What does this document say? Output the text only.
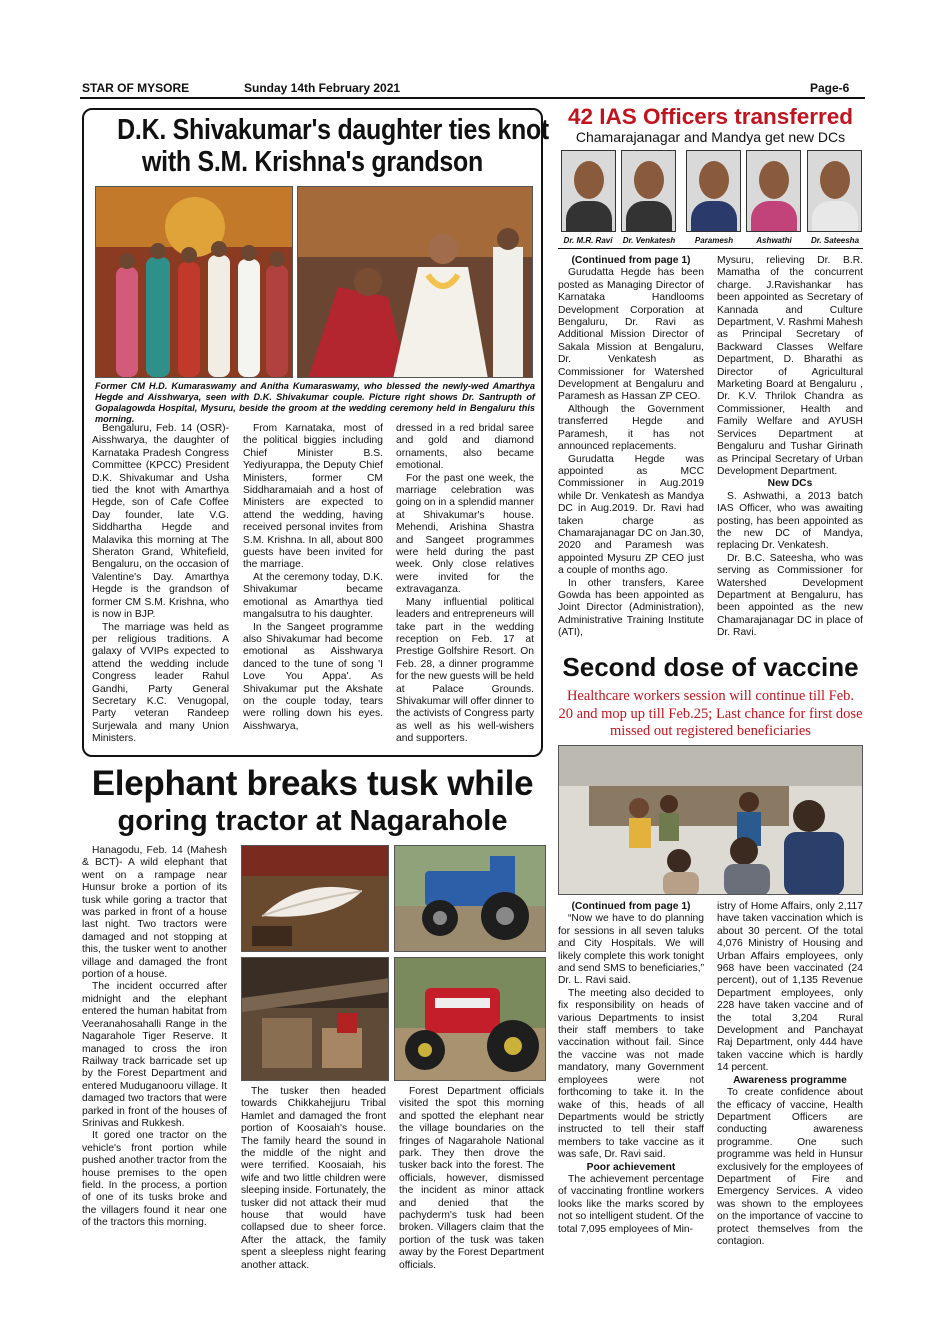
STAR OF MYSORE	Sunday 14th February 2021	Page-6
D.K. Shivakumar's daughter ties knot
with S.M. Krishna's grandson
Former CM H.D. Kumaraswamy and Anitha Kumaraswamy, who blessed the newly-wed Amarthya Hegde and Aisshwarya, seen with D.K. Shivakumar couple. Picture right shows Dr. Santrupth of Gopalagowda Hospital, Mysuru, beside the groom at the wedding ceremony held in Bengaluru this morning.

Bengaluru, Feb. 14 (OSR)- Aisshwarya, the daughter of Karnataka Pradesh Congress Committee (KPCC) President D.K. Shivakumar and Usha tied the knot with Amarthya Hegde, son of Cafe Coffee Day founder, late V.G. Siddhartha Hegde and Malavika this morning at The Sheraton Grand, Whitefield, Bengaluru, on the occasion of Valentine's Day. Amarthya Hegde is the grandson of former CM S.M. Krishna, who is now in BJP.

The marriage was held as per religious traditions. A galaxy of VVIPs expected to attend the wedding include Congress leader Rahul Gandhi, Party General Secretary K.C. Venugopal, Party veteran Randeep Surjewala and many Union Ministers.

From Karnataka, most of the political biggies including Chief Minister B.S. Yediyurappa, the Deputy Chief Ministers, former CM Siddharamaiah and a host of Ministers are expected to attend the wedding, having received personal invites from S.M. Krishna. In all, about 800 guests have been invited for the marriage.

At the ceremony today, D.K. Shivakumar became emotional as Amarthya tied mangalsutra to his daughter.

In the Sangeet programme also Shivakumar had become emotional as Aisshwarya danced to the tune of song 'I Love You Appa'. As Shivakumar put the Akshate on the couple today, tears were rolling down his eyes. Aisshwarya,

dressed in a red bridal saree and gold and diamond ornaments, also became emotional.

For the past one week, the marriage celebration was going on in a splendid manner at Shivakumar's house. Mehendi, Arishina Shastra and Sangeet programmes were held during the past week. Only close relatives were invited for the extravaganza.

Many influential political leaders and entrepreneurs will take part in the wedding reception on Feb. 17 at Prestige Golfshire Resort. On Feb. 28, a dinner programme for the new guests will be held at Palace Grounds. Shivakumar will offer dinner to the activists of Congress party as well as his well-wishers and supporters.

42 IAS Officers transferred
Chamarajanagar and Mandya get new DCs
Dr. M.R. Ravi	Dr. Venkatesh	Paramesh	Ashwathi	Dr. Sateesha

(Continued from page 1)

Gurudatta Hegde has been posted as Managing Director of Karnataka Handlooms Development Corporation at Bengaluru, Dr. Ravi as Additional Mission Director of Sakala Mission at Bengaluru, Dr. Venkatesh as Commissioner for Watershed Development at Bengaluru and Paramesh as Hassan ZP CEO.

Although the Government transferred Hegde and Paramesh, it has not announced replacements.

Gurudatta Hegde was appointed as MCC Commissioner in Aug.2019 while Dr. Venkatesh as Mandya DC in Aug.2019. Dr. Ravi had taken charge as Chamarajanagar DC on Jan.30, 2020 and Paramesh was appointed Mysuru ZP CEO just a couple of months ago.

In other transfers, Karee Gowda has been appointed as Joint Director (Administration), Administrative Training Institute (ATI),

Mysuru, relieving Dr. B.R. Mamatha of the concurrent charge. J.Ravishankar has been appointed as Secretary of Kannada and Culture Department, V. Rashmi Mahesh as Principal Secretary of Backward Classes Welfare Department, D. Bharathi as Director of Agricultural Marketing Board at Bengaluru , Dr. K.V. Thrilok Chandra as Commissioner, Health and Family Welfare and AYUSH Services Department at Bengaluru and Tushar Girinath as Principal Secretary of Urban Development Department.

New DCs

S. Ashwathi, a 2013 batch IAS Officer, who was awaiting posting, has been appointed as the new DC of Mandya, replacing Dr. Venkatesh.

Dr. B.C. Sateesha, who was serving as Commissioner for Watershed Development Department at Bengaluru, has been appointed as the new Chamarajanagar DC in place of Dr. Ravi.

Second dose of vaccine
Healthcare workers session will continue till Feb. 20 and mop up till Feb.25; Last chance for first dose missed out registered beneficiaries

(Continued from page 1)

“Now we have to do planning for sessions in all seven taluks and City Hospitals. We will likely complete this work tonight and send SMS to beneficiaries,” Dr. L. Ravi said.

The meeting also decided to fix responsibility on heads of various Departments to insist their staff members to take vaccination without fail. Since the vaccine was not made mandatory, many Government employees were not forthcoming to take it. In the wake of this, heads of all Departments would be strictly instructed to tell their staff members to take vaccine as it was safe, Dr. Ravi said.

Poor achievement

The achievement percentage of vaccinating frontline workers looks like the marks scored by not so intelligent student. Of the total 7,095 employees of Min-

istry of Home Affairs, only 2,117 have taken vaccination which is about 30 percent. Of the total 4,076 Ministry of Housing and Urban Affairs employees, only 968 have been vaccinated (24 percent), out of 1,135 Revenue Department employees, only 228 have taken vaccine and of the total 3,204 Rural Development and Panchayat Raj Department, only 444 have taken vaccine which is hardly 14 percent.

Awareness programme

To create confidence about the efficacy of vaccine, Health Department Officers are conducting awareness programme. One such programme was held in Hunsur exclusively for the employees of Department of Fire and Emergency Services. A video was shown to the employees on the importance of vaccine to protect themselves from the contagion.

Elephant breaks tusk while
goring tractor at Nagarahole

Hanagodu, Feb. 14 (Mahesh & BCT)- A wild elephant that went on a rampage near Hunsur broke a portion of its tusk while goring a tractor that was parked in front of a house last night. Two tractors were damaged and not stopping at this, the tusker went to another village and damaged the front portion of a house.

The incident occurred after midnight and the elephant entered the human habitat from Veeranahosahalli Range in the Nagarahole Tiger Reserve. It managed to cross the iron Railway track barricade set up by the Forest Department and entered Muduganooru village. It damaged two tractors that were parked in front of the houses of Srinivas and Rukkesh.

It gored one tractor on the vehicle's front portion while pushed another tractor from the house premises to the open field. In the process, a portion of one of its tusks broke and the villagers found it near one of the tractors this morning.

The tusker then headed towards Chikkahejjuru Tribal Hamlet and damaged the front portion of Koosaiah's house. The family heard the sound in the middle of the night and were terrified. Koosaiah, his wife and two little children were sleeping inside. Fortunately, the tusker did not attack their mud house that would have collapsed due to sheer force. After the attack, the family spent a sleepless night fearing another attack.

Forest Department officials visited the spot this morning and spotted the elephant near the village boundaries on the fringes of Nagarahole National park. They then drove the tusker back into the forest. The officials, however, dismissed the incident as minor attack and denied that the pachyderm's tusk had been broken. Villagers claim that the portion of the tusk was taken away by the Forest Department officials.
